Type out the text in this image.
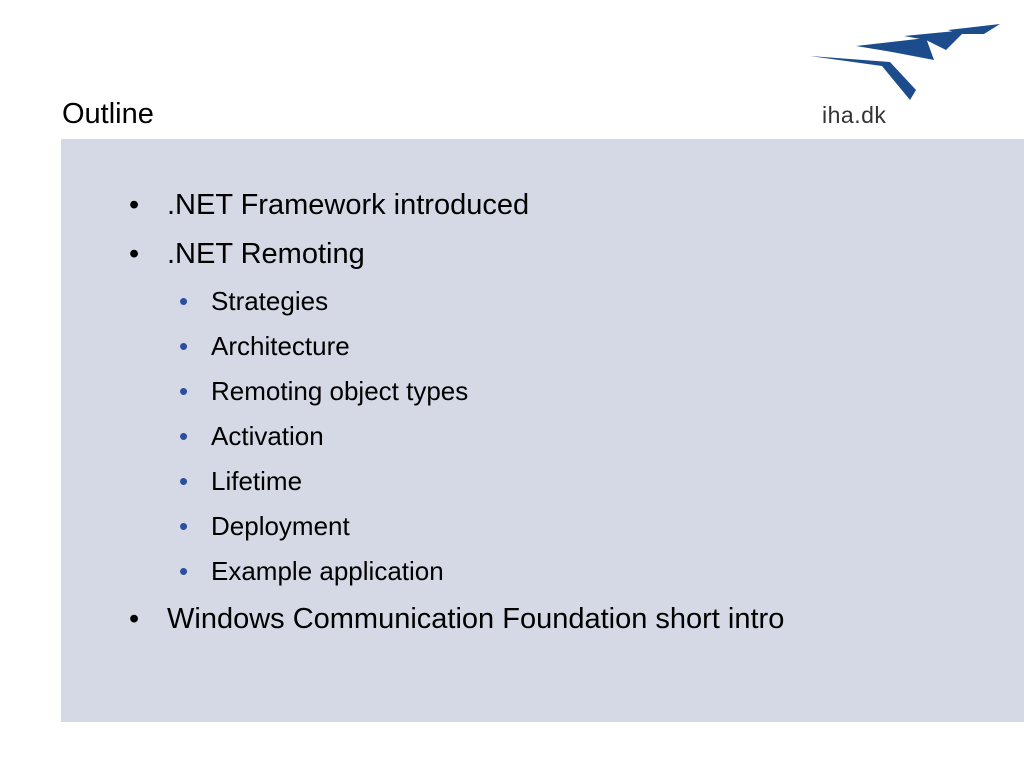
Outline	iha.dk
• .NET Framework introduced
• .NET Remoting
• Strategies
• Architecture
• Remoting object types
• Activation
• Lifetime
• Deployment
• Example application
• Windows Communication Foundation short intro
